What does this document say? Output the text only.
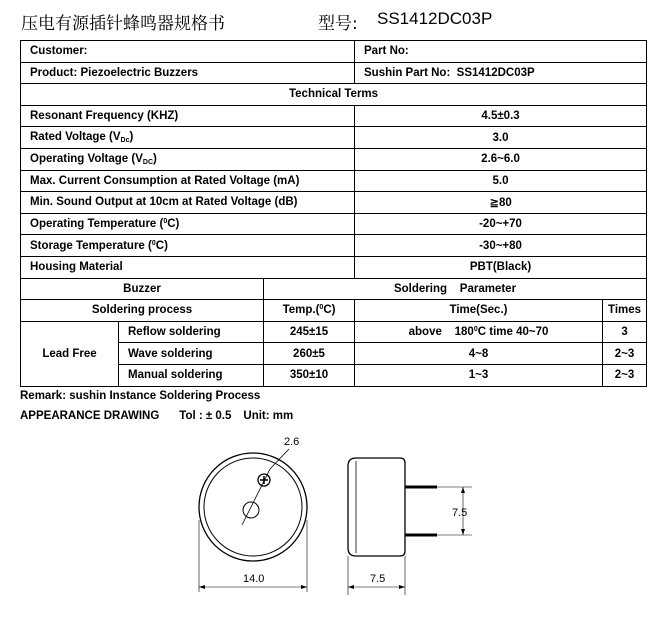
压电有源插针蜂鸣器规格书	型号: SS1412DC03P
Customer:			Part No:	
Product: Piezoelectric Buzzers			Sushin Part No: SS1412DC03P	
Technical Terms				
Resonant Frequency (KHZ)			4.5±0.3	
Rated Voltage $(V_{Dc})$			3.0	
Operating Voltage $(V_{DC})$			2.6~6.0	
Max. Current Consumption at Rated Voltage (mA)			5.0	
Min. Sound Output at 10cm at Rated Voltage (dB)			≧80	
Operating Temperature ($^0$C)			-20~+70	
Storage Temperature ($^0$C)			-30~+80	
Housing Material			PBT(Black)	
Buzzer		Soldering    Parameter		
Soldering process		Temp.($^0$C)	Time(Sec.)	Times
Lead Free	Reflow soldering	245±15	above    $180^0C$ time 40~70	3
	Wave soldering	260±5	4~8	2~3
	Manual soldering	350±10	1~3	2~3
Remark: sushin Instance Soldering Process
APPEARANCE DRAWING Tol : ± 0.5 Unit: mm
2.6
14.0
7.5
7.5
